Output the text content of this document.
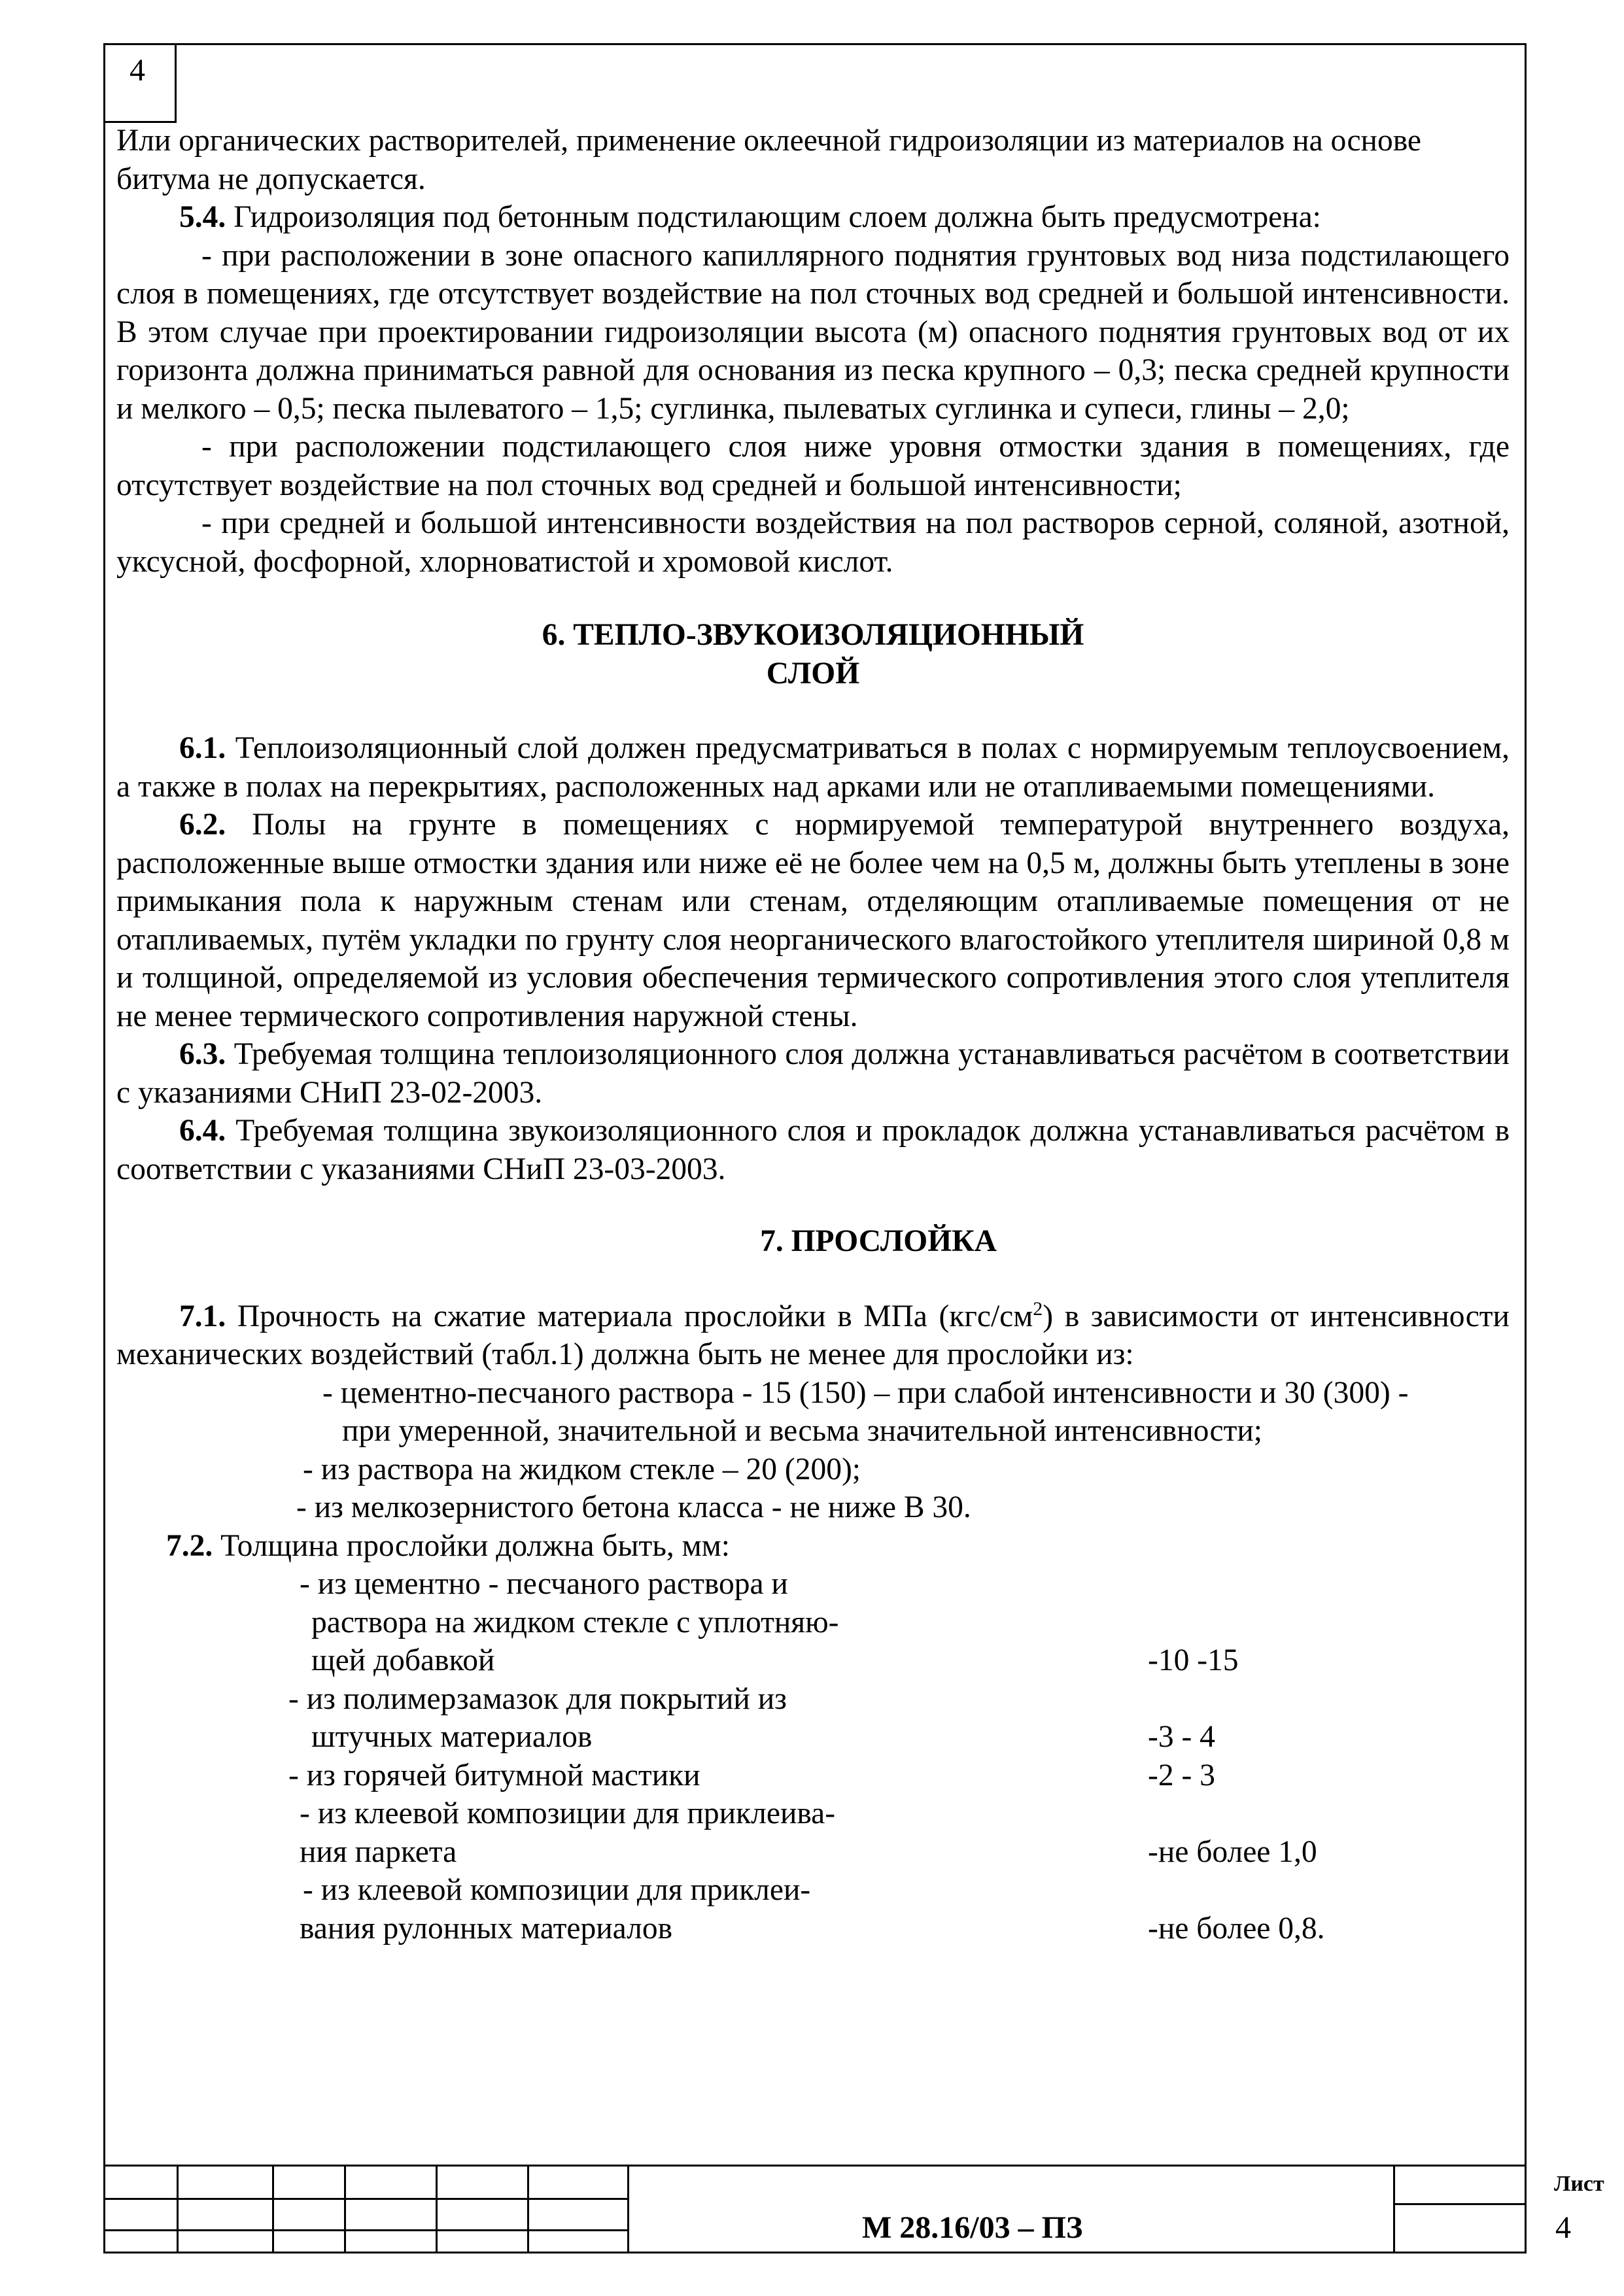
4

Или органических растворителей, применение оклеечной гидроизоляции из материалов на основе

битума не допускается.

5.4. Гидроизоляция под бетонным подстилающим слоем должна быть предусмотрена:

- при расположении в зоне опасного капиллярного поднятия грунтовых вод низа подстилающего слоя в помещениях, где отсутствует воздействие на пол сточных вод средней и большой интенсивности. В этом случае при проектировании гидроизоляции высота (м) опасного поднятия грунтовых вод от их горизонта должна приниматься равной для основания из песка крупного – 0,3; песка средней крупности и мелкого – 0,5; песка пылеватого – 1,5; суглинка, пылеватых суглинка и супеси, глины – 2,0;

- при расположении подстилающего слоя ниже уровня отмостки здания в помещениях, где отсутствует воздействие на пол сточных вод средней и большой интенсивности;

- при средней и большой интенсивности воздействия на пол растворов серной, соляной, азотной, уксусной, фосфорной, хлорноватистой и хромовой кислот.

6. ТЕПЛО-ЗВУКОИЗОЛЯЦИОННЫЙ

СЛОЙ

6.1. Теплоизоляционный слой должен предусматриваться в полах с нормируемым теплоусвоением, а также в полах на перекрытиях, расположенных над арками или не отапливаемыми помещениями.

6.2. Полы на грунте в помещениях с нормируемой температурой внутреннего воздуха, расположенные выше отмостки здания или ниже её не более чем на 0,5 м, должны быть утеплены в зоне примыкания пола к наружным стенам или стенам, отделяющим отапливаемые помещения от не отапливаемых, путём укладки по грунту слоя неорганического влагостойкого утеплителя шириной 0,8 м и толщиной, определяемой из условия обеспечения термического сопротивления этого слоя утеплителя не менее термического сопротивления наружной стены.

6.3. Требуемая толщина теплоизоляционного слоя должна устанавливаться расчётом в соответствии с указаниями СНиП 23-02-2003.

6.4. Требуемая толщина звукоизоляционного слоя и прокладок должна устанавливаться расчётом в соответствии с указаниями СНиП 23-03-2003.

7. ПРОСЛОЙКА

7.1. Прочность на сжатие материала прослойки в МПа $(кгс/см^2)$ в зависимости от интенсивности механических воздействий (табл.1) должна быть не менее для прослойки из:

- цементно-песчаного раствора - 15 (150) – при слабой интенсивности и 30 (300) -

при умеренной, значительной и весьма значительной интенсивности;

- из раствора на жидком стекле – 20 (200);

- из мелкозернистого бетона класса - не ниже В 30.

7.2. Толщина прослойки должна быть, мм:

- из цементно - песчаного раствора и	
раствора на жидком стекле с уплотняю-	
щей добавкой	-10 -15
- из полимерзамазок для покрытий из	
штучных материалов	-3 - 4
- из горячей битумной мастики	-2 - 3
- из клеевой композиции для приклеива-	
ния паркета	-не более 1,0
- из клеевой композиции для приклеи-	
вания рулонных материалов	-не более 0,8.
М 28.16/03 – ПЗ
Лист
4
